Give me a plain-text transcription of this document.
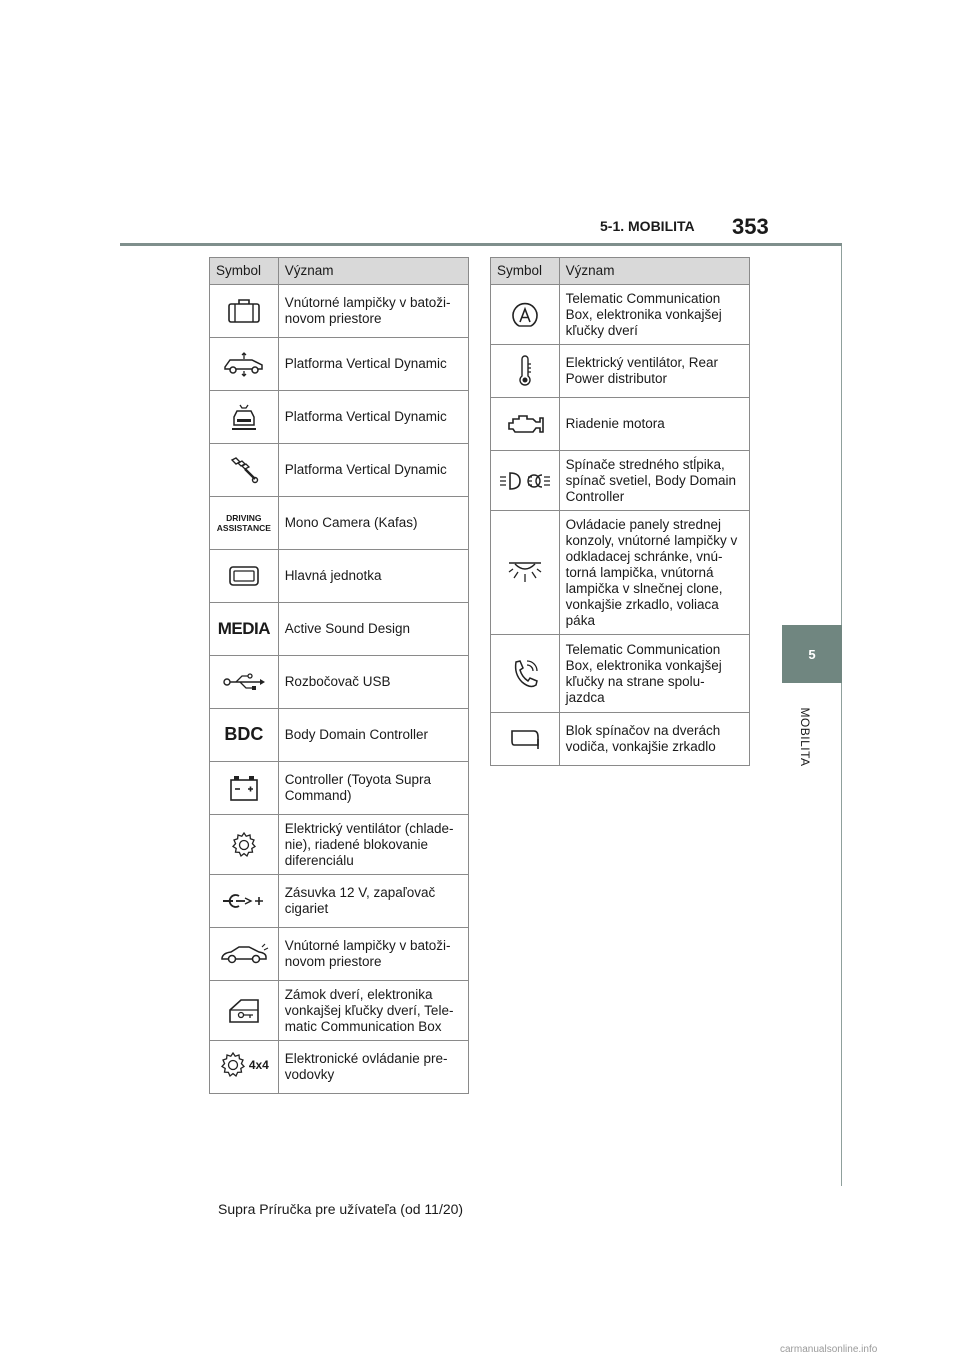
5-1. MOBILITA 353
5
MOBILITA
Symbol	Význam

	Vnútorné lampičky v batoži-novom priestore

	Platforma Vertical Dynamic

	Platforma Vertical Dynamic

	Platforma Vertical Dynamic

DRIVING
ASSISTANCE	Mono Camera (Kafas)

	Hlavná jednotka
MEDIA	Active Sound Design

	Rozbočovač USB
BDC	Body Domain Controller

	Controller (Toyota Supra Command)

	Elektrický ventilátor (chlade-nie), riadené blokovanie diferenciálu

	Zásuvka 12 V, zapaľovač cigariet

	Vnútorné lampičky v batoži-novom priestore

	Zámok dverí, elektronika vonkajšej kľučky dverí, Tele-matic Communication Box

4x4	Elektronické ovládanie pre-vodovky
Symbol	Význam

	Telematic Communication Box, elektronika vonkajšej kľučky dverí

	Elektrický ventilátor, Rear Power distributor

	Riadenie motora

	Spínače stredného stĺpika, spínač svetiel, Body Domain Controller

	Ovládacie panely strednej konzoly, vnútorné lampičky v odkladacej schránke, vnú-torná lampička, vnútorná lampička v slnečnej clone, vonkajšie zrkadlo, voliaca páka

	Telematic Communication Box, elektronika vonkajšej kľučky na strane spolu-jazdca

	Blok spínačov na dverách vodiča, vonkajšie zrkadlo
Supra Príručka pre užívateľa (od 11/20)
carmanualsonline.info
